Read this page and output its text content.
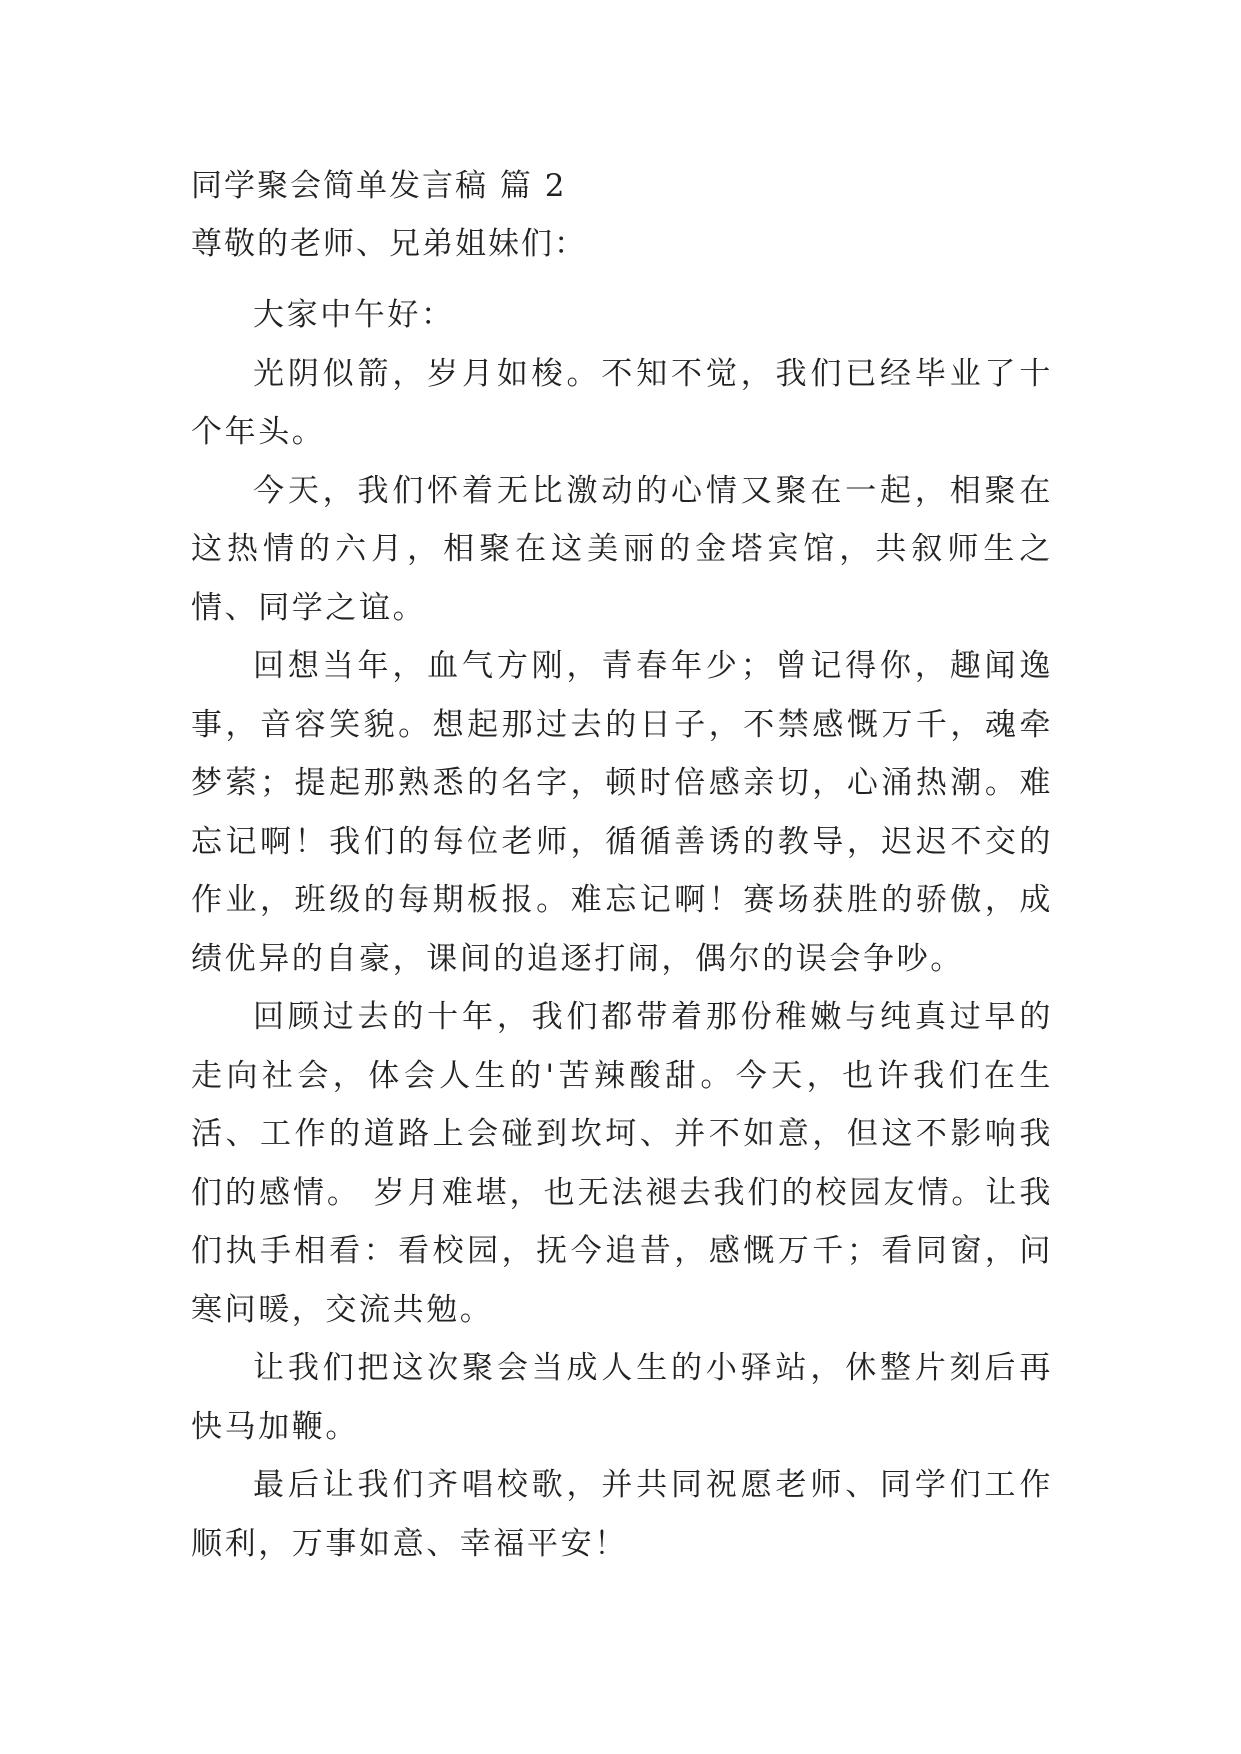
同学聚会简单发言稿 篇 2
尊敬的老师、兄弟姐妹们：

大家中午好：

光阴似箭，岁月如梭。不知不觉，我们已经毕业了十个年头。

今天，我们怀着无比激动的心情又聚在一起，相聚在这热情的六月，相聚在这美丽的金塔宾馆，共叙师生之情、同学之谊。

回想当年，血气方刚，青春年少；曾记得你，趣闻逸事，音容笑貌。想起那过去的日子，不禁感慨万千，魂牵梦萦；提起那熟悉的名字，顿时倍感亲切，心涌热潮。难忘记啊！我们的每位老师，循循善诱的教导，迟迟不交的作业，班级的每期板报。难忘记啊！赛场获胜的骄傲，成绩优异的自豪，课间的追逐打闹，偶尔的误会争吵。

回顾过去的十年，我们都带着那份稚嫩与纯真过早的走向社会，体会人生的'苦辣酸甜。今天，也许我们在生活、工作的道路上会碰到坎坷、并不如意，但这不影响我们的感情。 岁月难堪，也无法褪去我们的校园友情。让我们执手相看：看校园，抚今追昔，感慨万千；看同窗，问寒问暖，交流共勉。

让我们把这次聚会当成人生的小驿站，休整片刻后再快马加鞭。

最后让我们齐唱校歌，并共同祝愿老师、同学们工作顺利，万事如意、幸福平安！
